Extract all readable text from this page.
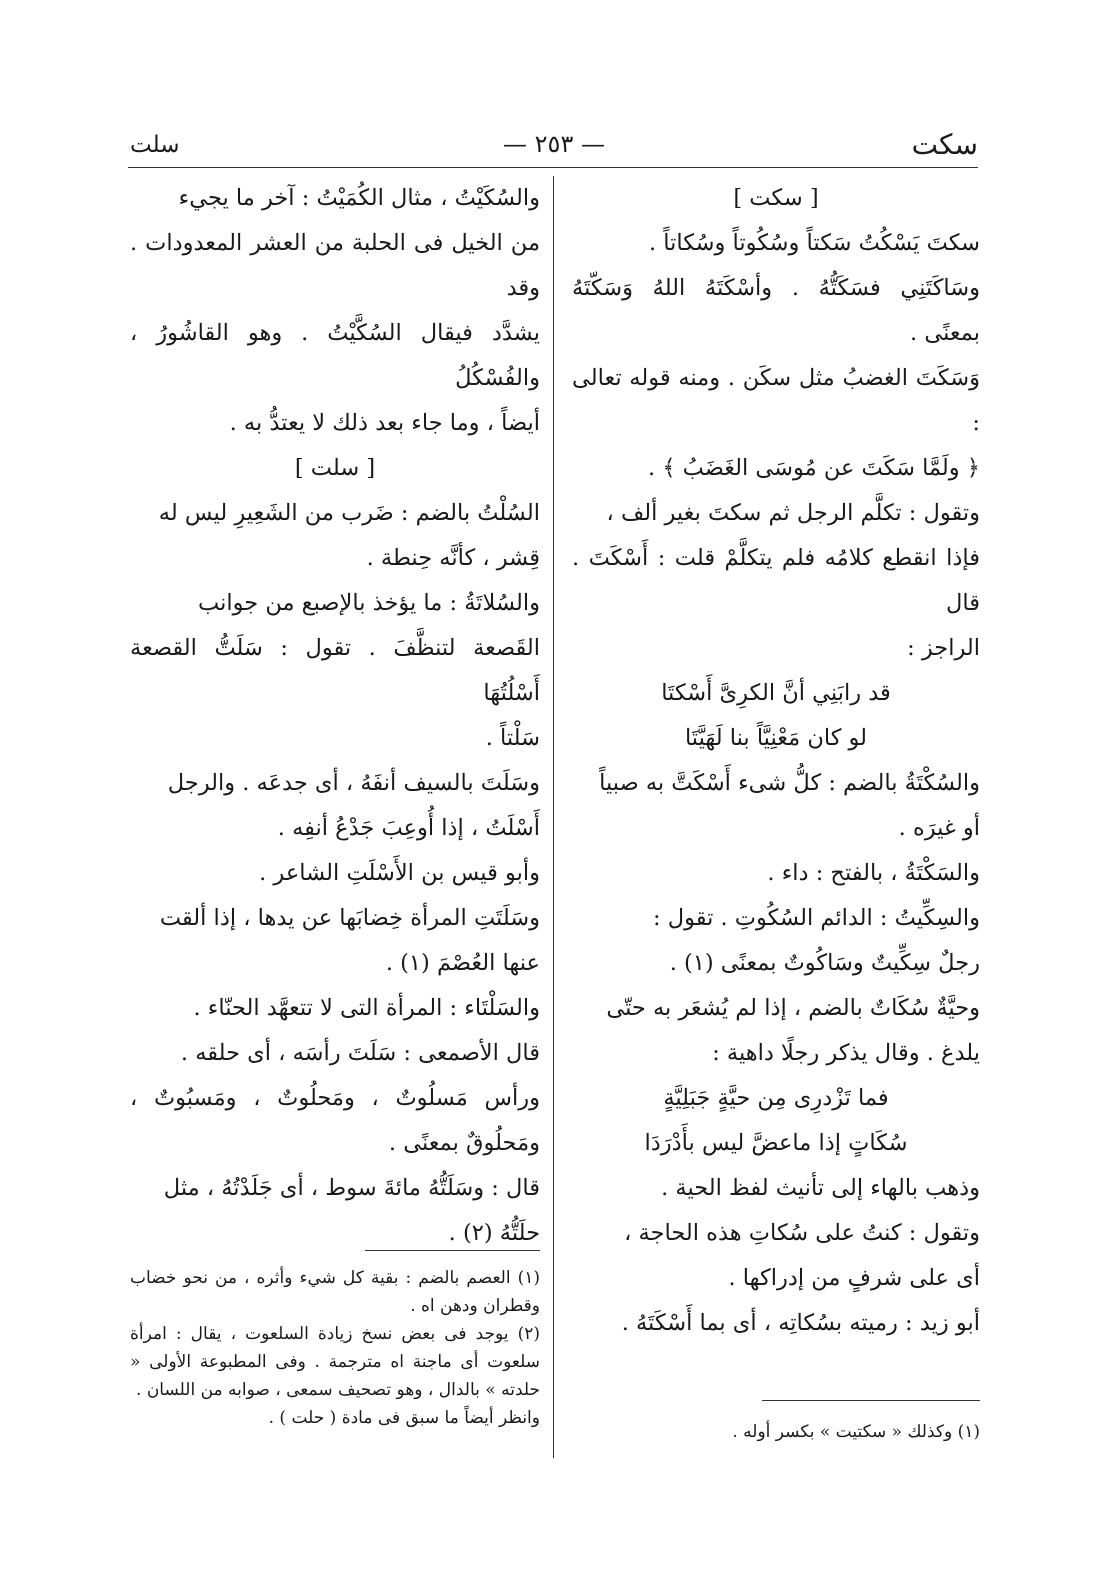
سكت
— ٢٥٣ —
سلت

[ سكت ]

سكتَ يَسْكُتُ سَكتاً وسُكُوتاً وسُكاتاً .

وسَاكَتَنِي فسَكَتُّهُ . وأسْكَتَهُ اللهُ وَسَكّتَهُ بمعنًى .

وَسَكَتَ الغضبُ مثل سكَن . ومنه قوله تعالى :

﴿ ولَمَّا سَكَتَ عن مُوسَى الغَضَبُ ﴾ .

وتقول : تكلَّم الرجل ثم سكتَ بغير ألف ،

فإذا انقطع كلامُه فلم يتكلَّمْ قلت : أَسْكَتَ . قال

الراجز :

قد رابَنِي أنَّ الكرِىَّ أَسْكتَا

لو كان مَعْنِيَّاً بنا لَهَيَّتَا

والسُكْتَةُ بالضم : كلُّ شىء أَسْكَتَّ به صبياً

أو غيرَه .

والسَكْتَةُ ، بالفتح : داء .

والسِكِّيتُ : الدائم السُكُوتِ . تقول :

رجلٌ سِكِّيتٌ وسَاكُوتٌ بمعنًى (١) .

وحيَّةٌ سُكَاتٌ بالضم ، إذا لم يُشعَر به حتّى

يلدغ . وقال يذكر رجلًا داهية :

فما تَزْدرِى مِن حيَّةٍ جَبَلِيَّةٍ

سُكَاتٍ إذا ماعضَّ ليس بأَدْرَدَا

وذهب بالهاء إلى تأنيث لفظ الحية .

وتقول : كنتُ على سُكاتِ هذه الحاجة ،

أى على شرفٍ من إدراكها .

أبو زيد : رميته بسُكاتِه ، أى بما أَسْكَتَهُ .

والسُكَيْتُ ، مثال الكُمَيْتُ : آخر ما يجيء

من الخيل فى الحلبة من العشر المعدودات . وقد

يشدَّد فيقال السُكَّيْتُ . وهو القاشُورُ ، والفُسْكُلُ

أيضاً ، وما جاء بعد ذلك لا يعتدُّ به .

[ سلت ]

السُلْتُ بالضم : ضَرب من الشَعِيرِ ليس له

قِشر ، كأنَّه حِنطة .

والسُلاتَةُ : ما يؤخذ بالإصبع من جوانب

القَصعة لتنظَّفَ . تقول : سَلَتُّ القصعة أَسْلُتُهَا

سَلْتاً .

وسَلَتَ بالسيف أنفَهُ ، أى جدعَه . والرجل

أَسْلَتُ ، إذا أُوعِبَ جَدْعُ أنفِه .

وأبو قيس بن الأَسْلَتِ الشاعر .

وسَلَتَتِ المرأة خِضابَها عن يدها ، إذا ألقت

عنها العُصْمَ (١) .

والسَلْتَاء : المرأة التى لا تتعهَّد الحنّاء .

قال الأصمعى : سَلَتَ رأسَه ، أى حلقه .

ورأس مَسلُوتٌ ، ومَحلُوتٌ ، ومَسبُوتٌ ، ومَحلُوقٌ بمعنًى .

قال : وسَلَتُّهُ مائةَ سوط ، أى جَلَدْتُهُ ، مثل

حلَتُّهُ (٢) .

(١) وكذلك « سكتيت » بكسر أوله .

(١) العصم بالضم : بقية كل شيء وأثره ، من نحو خضاب وقطران ودهن اه .

(٢) يوجد فى بعض نسخ زيادة السلعوت ، يقال : امرأة سلعوت أى ماجنة اه مترجمة . وفى المطبوعة الأولى « حلدته » بالدال ، وهو تصحيف سمعى ، صوابه من اللسان .

وانظر أيضاً ما سبق فى مادة ( حلت ) .
